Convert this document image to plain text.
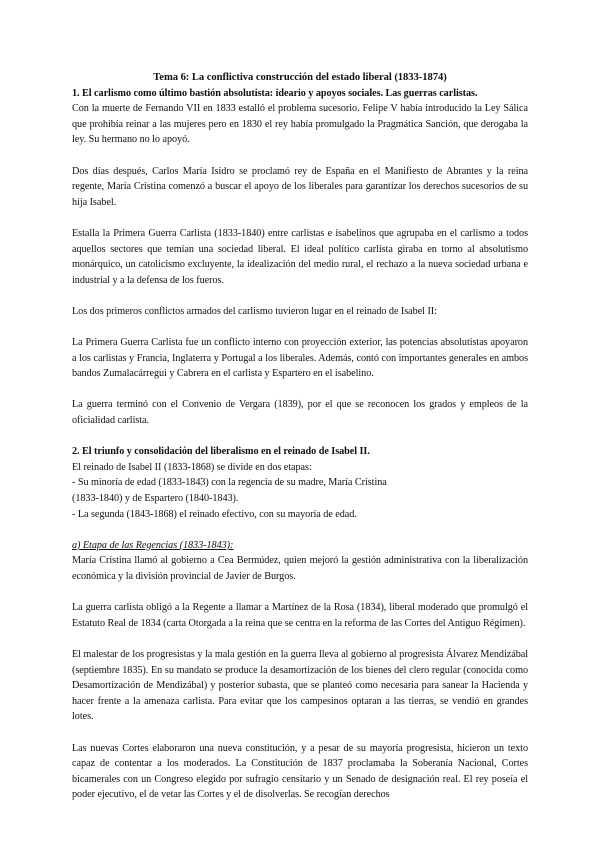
Tema 6: La conflictiva construcción del estado liberal (1833-1874)

1. El carlismo como último bastión absolutista: ideario y apoyos sociales. Las guerras carlistas.

Con la muerte de Fernando VII en 1833 estalló el problema sucesorio. Felipe V había introducido la Ley Sálica que prohibía reinar a las mujeres pero en 1830 el rey había promulgado la Pragmática Sanción, que derogaba la ley. Su hermano no lo apoyó.

Dos días después, Carlos María Isidro se proclamó rey de España en el Manifiesto de Abrantes y la reina regente, María Cristina comenzó a buscar el apoyo de los liberales para garantizar los derechos sucesorios de su hija Isabel.

Estalla la Primera Guerra Carlista (1833-1840) entre carlistas e isabelinos que agrupaba en el carlismo a todos aquellos sectores que temían una sociedad liberal. El ideal político carlista giraba en torno al absolutismo monárquico, un catolicismo excluyente, la idealización del medio rural, el rechazo a la nueva sociedad urbana e industrial y a la defensa de los fueros.

Los dos primeros conflictos armados del carlismo tuvieron lugar en el reinado de Isabel II:

La Primera Guerra Carlista fue un conflicto interno con proyección exterior, las potencias absolutistas apoyaron a los carlistas y Francia, Inglaterra y Portugal a los liberales. Además, contó con importantes generales en ambos bandos Zumalacárregui y Cabrera en el carlista y Espartero en el isabelino.

La guerra terminó con el Convenio de Vergara (1839), por el que se reconocen los grados y empleos de la oficialidad carlista.

2. El triunfo y consolidación del liberalismo en el reinado de Isabel II.

El reinado de Isabel II (1833-1868) se divide en dos etapas:

- Su minoría de edad (1833-1843) con la regencia de su madre, María Cristina

(1833-1840) y de Espartero (1840-1843).

- La segunda (1843-1868) el reinado efectivo, con su mayoría de edad.

a) Etapa de las Regencias (1833-1843):

María Cristina llamó al gobierno a Cea Bermúdez, quien mejoró la gestión administrativa con la liberalización económica y la división provincial de Javier de Burgos.

La guerra carlista obligó a la Regente a llamar a Martínez de la Rosa (1834), liberal moderado que promulgó el Estatuto Real de 1834 (carta Otorgada a la reina que se centra en la reforma de las Cortes del Antiguo Régimen).

El malestar de los progresistas y la mala gestión en la guerra lleva al gobierno al progresista Álvarez Mendizábal (septiembre 1835). En su mandato se produce la desamortización de los bienes del clero regular (conocida como Desamortización de Mendizábal) y posterior subasta, que se planteó como necesaria para sanear la Hacienda y hacer frente a la amenaza carlista. Para evitar que los campesinos optaran a las tierras, se vendió en grandes lotes.

Las nuevas Cortes elaboraron una nueva constitución, y a pesar de su mayoría progresista, hicieron un texto capaz de contentar a los moderados. La Constitución de 1837 proclamaba la Soberanía Nacional, Cortes bicamerales con un Congreso elegido por sufragio censitario y un Senado de designación real. El rey poseía el poder ejecutivo, el de vetar las Cortes y el de disolverlas. Se recogían derechos
